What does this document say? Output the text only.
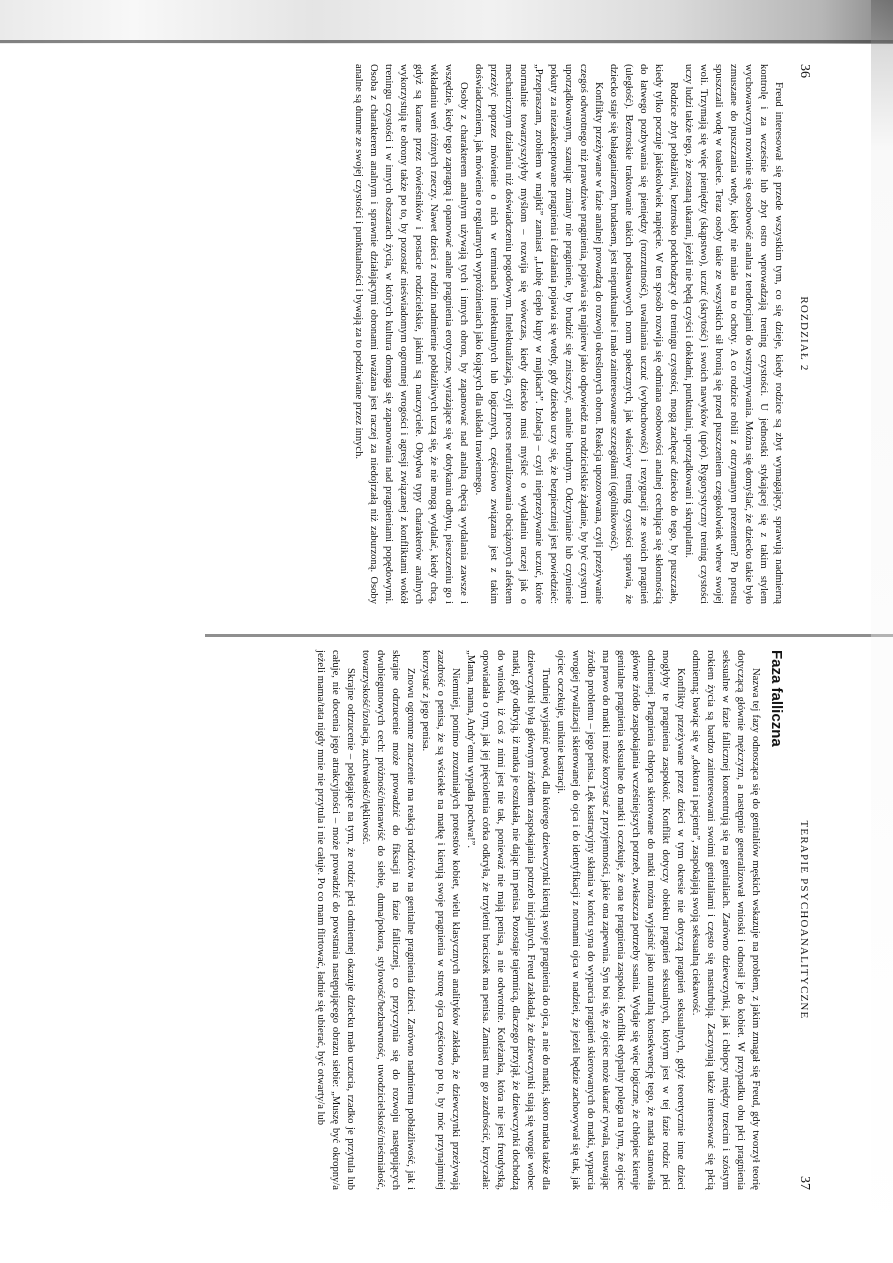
36
ROZDZIAŁ 2

Freud interesował się przede wszystkim tym, co się dzieje, kiedy rodzice są zbyt wymagający, sprawują nadmierną kontrolę i za wcześnie lub zbyt ostro wprowadzają trening czystości. U jednostki stykającej się z takim stylem wychowawczym rozwinie się osobowość analna z tendencjami do wstrzymywania. Można się domyślać, że dziecko takie było zmuszane do puszczania wtedy, kiedy nie miało na to ochoty. A co rodzice robili z otrzymanym prezentem? Po prostu spuszczali wodę w toalecie. Teraz osoby takie ze wszystkich sił bronią się przed puszczeniem czegokolwiek wbrew swojej woli. Trzymają się więc pieniędzy (skąpstwo), uczuć (skrytość) i swoich nawyków (upór). Rygorystyczny trening czystości uczy ludzi także tego, że zostaną ukarani, jeżeli nie będą czyści i dokładni, punktualni, uporządkowani i skrupulatni.

Rodzice zbyt pobłażliwi, beztrosko podchodzący do treningu czystości, mogą zachęcać dziecko do tego, by puszczało, kiedy tylko poczuje jakiekolwiek napięcie. W ten sposób rozwija się odmiana osobowości analnej cechująca się skłonnością do łatwego pozbywania się pieniędzy (rozrzutność), uwalniania uczuć (wybuchowość) i rezygnacji ze swoich pragnień (uległość). Beztroskie traktowanie takich podstawowych norm społecznych, jak właściwy trening czystości sprawia, że dziecko staje się bałaganiarzem, brudasem, jest niepunktualne i mało zainteresowane szczegółami (ogólnikowość).

Konflikty przeżywane w fazie analnej prowadzą do rozwoju określonych obron. Reakcja upozorowana, czyli przeżywanie czegoś odwrotnego niż prawdziwe pragnienia, pojawia się najpierw jako odpowiedź na rodzicielskie żądanie, by być czystym i uporządkowanym, szanując zmiany nie pragnienie, by brudzić się zniszczyć, analnie brudnym. Odczynianie lub czynienie pokuty za niezaakceptowane pragnienia i działania pojawia się wtedy, gdy dziecko uczy się, że bezpieczniej jest powiedzieć: „Przepraszam, zrobiłem w majtki” zamiast „Lubię ciepło kupy w majtkach”. Izolacja – czyli nieprzeżywanie uczuć, które normalnie towarzyszyłyby myślom – rozwija się wówczas, kiedy dziecko musi myśleć o wydalaniu raczej jak o mechanicznym działaniu niż doświadczeniu pogodowym. Intelektualizacja, czyli proces neutralizowania obciążonych afektem przeżyć poprzez mówienie o nich w terminach intelektualnych lub logicznych, częściowo związana jest z takim doświadczeniem, jak mówienie o regularnych wypróżnieniach jako kojących dla układu trawiennego.

Osoby z charakterem analnym używają tych i innych obron, by zapanować nad analną chęcią wydalania zawsze i wszędzie, kiedy tego zapragną i opanować analne pragnienia erotyczne, wyrażające się w dotykaniu odbytu, pieszczeniu go i wkładaniu weń różnych rzeczy. Nawet dzieci z rodzin nadmiernie pobłażliwych uczą się, że nie mogą wydalać, kiedy chcą, gdyż są karane przez rówieśników i postacie rodzicielskie, jakimi są nauczyciele. Obydwa typy charakterów analnych wykorzystują te obrony także po to, by pozostać nieświadomym ogromnej wrogości i agresji związanej z konfliktami wokół treningu czystości i w innych obszarach życia, w których kultura domaga się zapanowania nad pragnieniami popędowymi. Osoba z charakterem analnym i sprawnie działającymi obronami uważana jest raczej za niedojrzałą niż zaburzoną. Osoby analne są dumne ze swojej czystości i punktualności i bywają za to podziwiane przez innych.

TERAPIE PSYCHOANALITYCZNE
37
Faza falliczna

Nazwa tej fazy odnosząca się do genitaliów męskich wskazuje na problem, z jakim zmagał się Freud, gdy tworzył teorię dotyczącą głównie mężczyzn, a następnie generalizował wnioski i odnosił je do kobiet. W przypadku obu płci pragnienia seksualne w fazie fallicznej koncentrują się na genitaliach. Zarówno dziewczynki, jak i chłopcy między trzecim i szóstym rokiem życia są bardzo zainteresowani swoimi genitaliami i często się masturbują. Zaczynają także interesować się płcią odmienną; bawiąc się w „doktora i pacjenta”, zaspokajają swoją seksualną ciekawość.

Konflikty przeżywane przez dzieci w tym okresie nie dotyczą pragnień seksualnych, gdyż teoretycznie inne dzieci mogłyby te pragnienia zaspokoić. Konflikt dotyczy obiektu pragnień seksualnych, którym jest w tej fazie rodzic płci odmiennej. Pragnienia chłopca skierowane do matki można wyjaśnić jako naturalną konsekwencję tego, że matka stanowiła główne źródło zaspokajania wcześniejszych potrzeb, zwłaszcza potrzeby ssania. Wydaje się więc logiczne, że chłopiec kieruje genitalne pragnienia seksualne do matki i oczekuje, że ona te pragnienia zaspokoi. Konflikt edypalny polega na tym, że ojciec ma prawo do matki i może korzystać z przyjemności, jakie ona zapewnia. Syn boi się, że ojciec może ukarać rywala, usuwając źródło problemu – jego penisa. Lęk kastracyjny skłania w końcu syna do wyparcia pragnień skierowanych do matki, wyparcia wrogiej rywalizacji skierowanej do ojca i do identyfikacji z normami ojca w nadziei, że jeżeli będzie zachowywał się tak, jak ojciec oczekuje, uniknie kastracji.

Trudniej wyjaśnić powód, dla którego dziewczynki kierują swoje pragnienia do ojca, a nie do matki, skoro matka także dla dziewczynki była głównym źródłem zaspokajania potrzeb inicjalnych. Freud zakładał, że dziewczynki stają się wrogie wobec matki, gdy odkryją, iż matka je oszukała, nie dając im penisa. Pozostaje tajemnicą, dlaczego przyjął, że dziewczynki dochodzą do wniosku, iż coś z nimi jest nie tak, ponieważ nie mają penisa, a nie odwrotnie. Koleżanka, która nie jest freudystką, opowiadała o tym, jak jej pięcioletnia córka odkryła, że trzyletni braciszek ma penisa. Zamiast mu go zazdrościć, krzyczała: „Mama, mama, Andy’emu wypadła pochwa!”.

Niemniej, ponimo zrozumiałych protestów kobiet, wielu klasycznych analityków zakłada, że dziewczynki przeżywają zazdrość o penisa, że są wściekłe na matkę i kierują swoje pragnienia w stronę ojca częściowo po to, by móc przynajmniej korzystać z jego penisa.

Znowu ogromne znaczenie ma reakcja rodziców na genitalne pragnienia dzieci. Zarówno nadmierna pobłażliwość, jak i skrajne odrzucenie może prowadzić do fiksacji na fazie fallicznej, co przyczynia się do rozwoju następujących dwubiegunowych cech: próżność/nienawiść do siebie, duma/pokora, stylowość/bezbarwność, uwodzicielskość/nieśmiałość, towarzyskość/izolacja, zuchwałość/lękliwość.

Skrajne odrzucenie – polegające na tym, że rodzic płci odmiennej okazuje dziecku mało uczucia, rzadko je przytula lub całuje, nie docenia jego atrakcyjności – może prowadzić do powstania następującego obrazu siebie: „Muszę być okropny/a jeżeli mama/tata nigdy mnie nie przytula i nie całuje. Po co mam flirtować, ładnie się ubierać, być otwarty/a lub
